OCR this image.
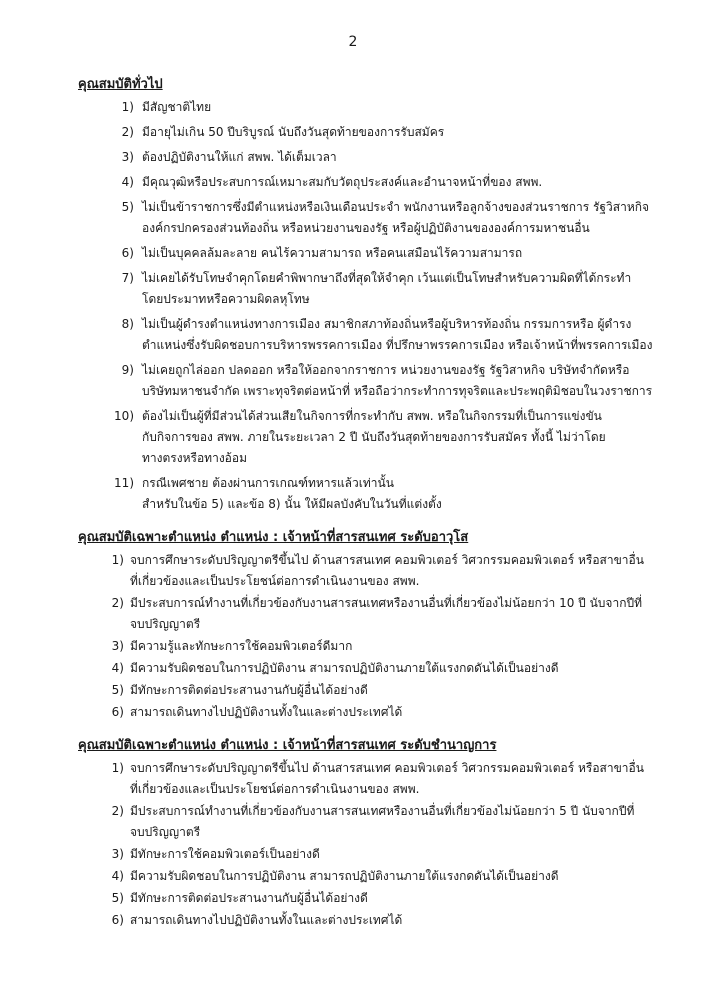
2
คุณสมบัติทั่วไป
1) มีสัญชาติไทย
2) มีอายุไม่เกิน 50 ปีบริบูรณ์ นับถึงวันสุดท้ายของการรับสมัคร
3) ต้องปฏิบัติงานให้แก่ สพพ. ได้เต็มเวลา
4) มีคุณวุฒิหรือประสบการณ์เหมาะสมกับวัตถุประสงค์และอำนาจหน้าที่ของ สพพ.
5) ไม่เป็นข้าราชการซึ่งมีตำแหน่งหรือเงินเดือนประจำ พนักงานหรือลูกจ้างของส่วนราชการ รัฐวิสาหกิจ
องค์กรปกครองส่วนท้องถิ่น หรือหน่วยงานของรัฐ หรือผู้ปฏิบัติงานขององค์การมหาชนอื่น
6) ไม่เป็นบุคคลล้มละลาย คนไร้ความสามารถ หรือคนเสมือนไร้ความสามารถ
7) ไม่เคยได้รับโทษจำคุกโดยคำพิพากษาถึงที่สุดให้จำคุก เว้นแต่เป็นโทษสำหรับความผิดที่ได้กระทำ
โดยประมาทหรือความผิดลหุโทษ
8) ไม่เป็นผู้ดำรงตำแหน่งทางการเมือง สมาชิกสภาท้องถิ่นหรือผู้บริหารท้องถิ่น กรรมการหรือ ผู้ดำรง
ตำแหน่งซึ่งรับผิดชอบการบริหารพรรคการเมือง ที่ปรึกษาพรรคการเมือง หรือเจ้าหน้าที่พรรคการเมือง
9) ไม่เคยถูกไล่ออก ปลดออก หรือให้ออกจากราชการ หน่วยงานของรัฐ รัฐวิสาหกิจ บริษัทจำกัดหรือ
บริษัทมหาชนจำกัด เพราะทุจริตต่อหน้าที่ หรือถือว่ากระทำการทุจริตและประพฤติมิชอบในวงราชการ
10) ต้องไม่เป็นผู้ที่มีส่วนได้ส่วนเสียในกิจการที่กระทำกับ สพพ. หรือในกิจกรรมที่เป็นการแข่งขัน
กับกิจการของ สพพ. ภายในระยะเวลา 2 ปี นับถึงวันสุดท้ายของการรับสมัคร ทั้งนี้ ไม่ว่าโดย
ทางตรงหรือทางอ้อม
11) กรณีเพศชาย ต้องผ่านการเกณฑ์ทหารแล้วเท่านั้น
สำหรับในข้อ 5) และข้อ 8) นั้น ให้มีผลบังคับในวันที่แต่งตั้ง
คุณสมบัติเฉพาะตำแหน่ง ตำแหน่ง : เจ้าหน้าที่สารสนเทศ ระดับอาวุโส
1) จบการศึกษาระดับปริญญาตรีขึ้นไป ด้านสารสนเทศ คอมพิวเตอร์ วิศวกรรมคอมพิวเตอร์ หรือสาขาอื่น
ที่เกี่ยวข้องและเป็นประโยชน์ต่อการดำเนินงานของ สพพ.
2) มีประสบการณ์ทำงานที่เกี่ยวข้องกับงานสารสนเทศหรืองานอื่นที่เกี่ยวข้องไม่น้อยกว่า 10 ปี นับจากปีที่
จบปริญญาตรี
3) มีความรู้และทักษะการใช้คอมพิวเตอร์ดีมาก
4) มีความรับผิดชอบในการปฏิบัติงาน สามารถปฏิบัติงานภายใต้แรงกดดันได้เป็นอย่างดี
5) มีทักษะการติดต่อประสานงานกับผู้อื่นได้อย่างดี
6) สามารถเดินทางไปปฏิบัติงานทั้งในและต่างประเทศได้
คุณสมบัติเฉพาะตำแหน่ง ตำแหน่ง : เจ้าหน้าที่สารสนเทศ ระดับชำนาญการ
1) จบการศึกษาระดับปริญญาตรีขึ้นไป ด้านสารสนเทศ คอมพิวเตอร์ วิศวกรรมคอมพิวเตอร์ หรือสาขาอื่น
ที่เกี่ยวข้องและเป็นประโยชน์ต่อการดำเนินงานของ สพพ.
2) มีประสบการณ์ทำงานที่เกี่ยวข้องกับงานสารสนเทศหรืองานอื่นที่เกี่ยวข้องไม่น้อยกว่า 5 ปี นับจากปีที่
จบปริญญาตรี
3) มีทักษะการใช้คอมพิวเตอร์เป็นอย่างดี
4) มีความรับผิดชอบในการปฏิบัติงาน สามารถปฏิบัติงานภายใต้แรงกดดันได้เป็นอย่างดี
5) มีทักษะการติดต่อประสานงานกับผู้อื่นได้อย่างดี
6) สามารถเดินทางไปปฏิบัติงานทั้งในและต่างประเทศได้
